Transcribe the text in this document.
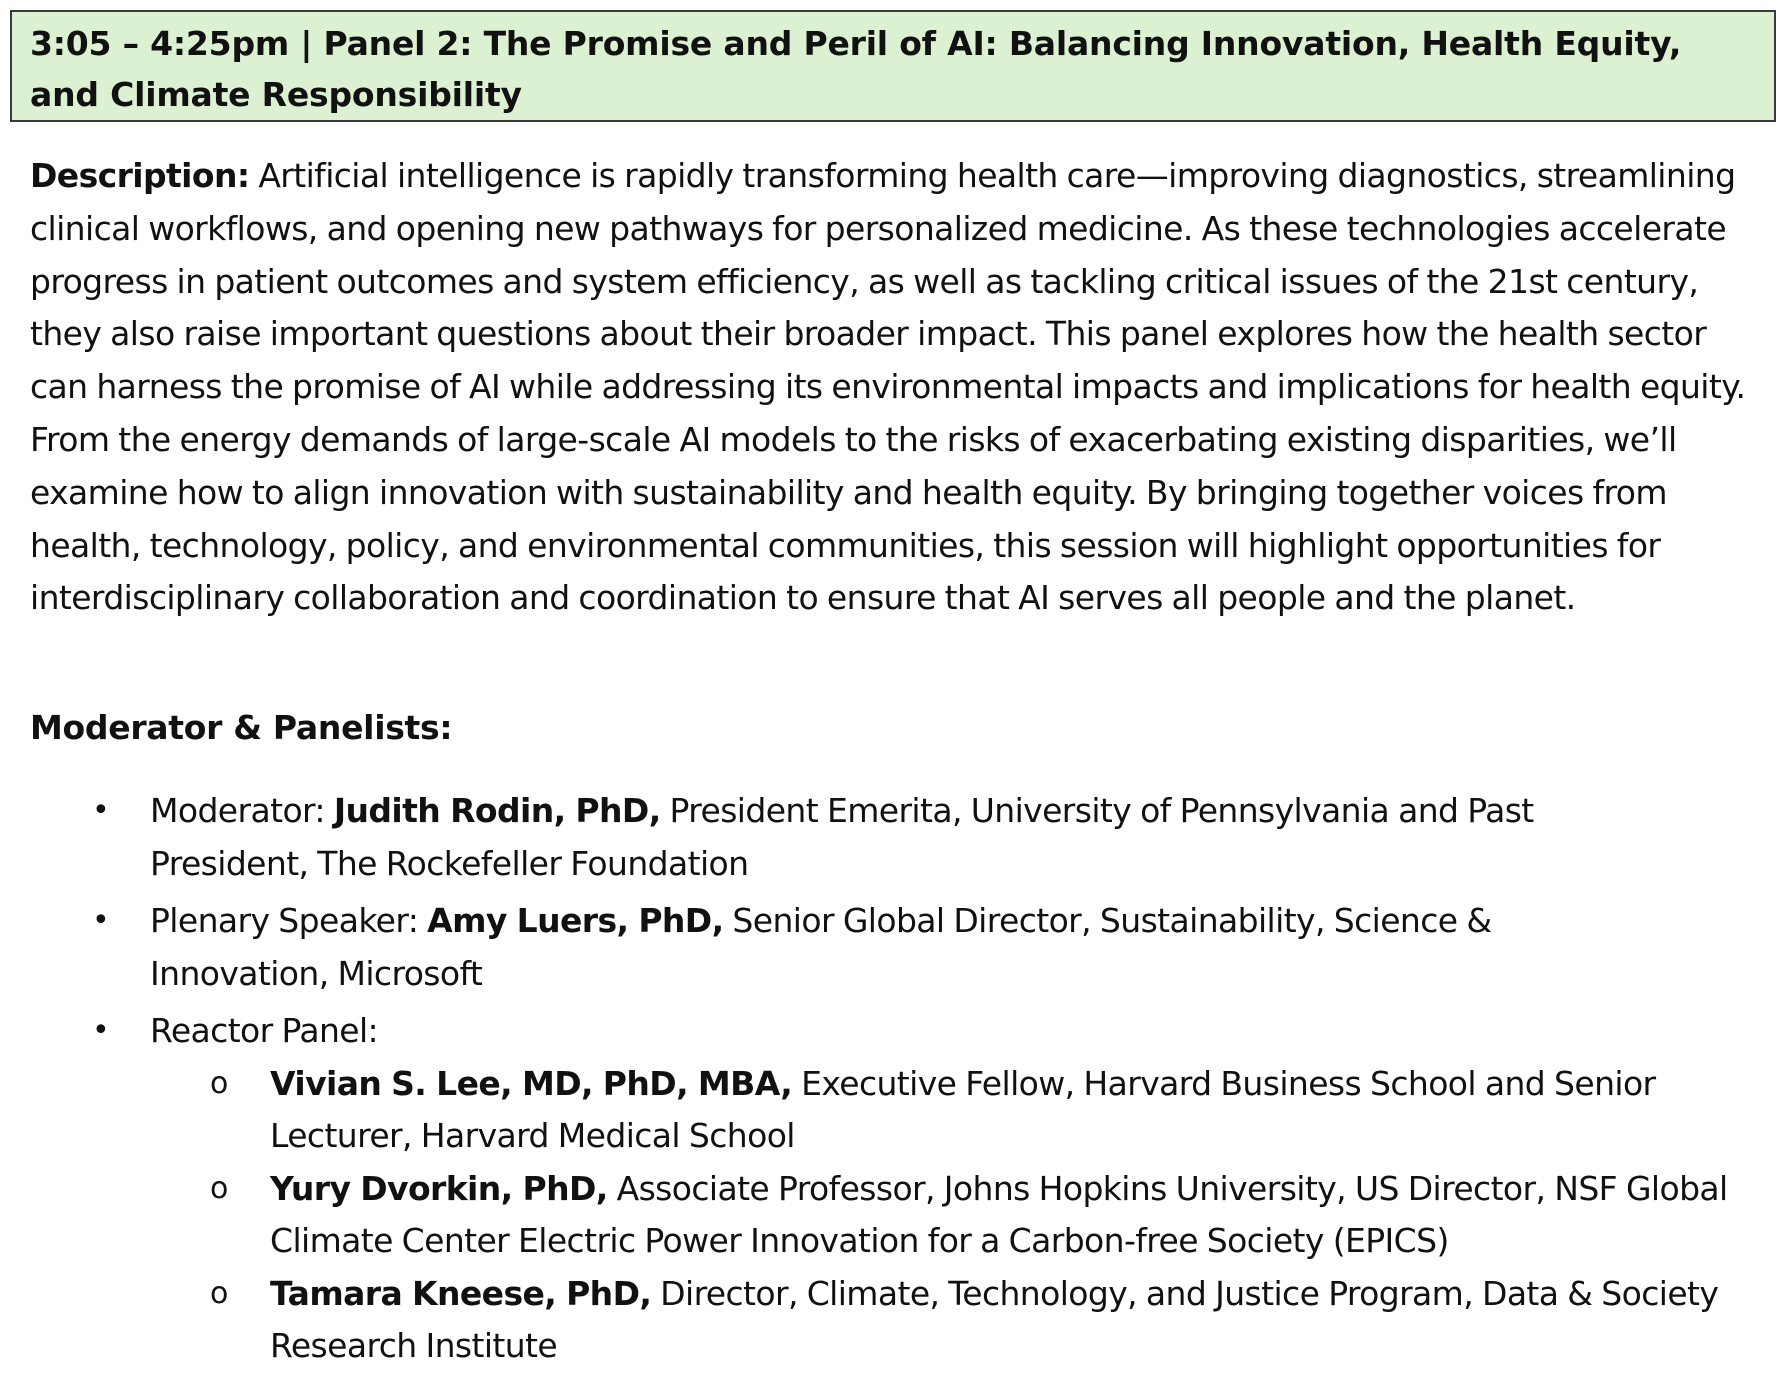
3:05 – 4:25pm | Panel 2: The Promise and Peril of AI: Balancing Innovation, Health Equity, and Climate Responsibility

Description: Artificial intelligence is rapidly transforming health care—improving diagnostics, streamlining clinical workflows, and opening new pathways for personalized medicine. As these technologies accelerate progress in patient outcomes and system efficiency, as well as tackling critical issues of the 21st century, they also raise important questions about their broader impact. This panel explores how the health sector can harness the promise of AI while addressing its environmental impacts and implications for health equity. From the energy demands of large-scale AI models to the risks of exacerbating existing disparities, we’ll examine how to align innovation with sustainability and health equity. By bringing together voices from health, technology, policy, and environmental communities, this session will highlight opportunities for interdisciplinary collaboration and coordination to ensure that AI serves all people and the planet.

Moderator & Panelists:
• Moderator: Judith Rodin, PhD, President Emerita, University of Pennsylvania and Past President, The Rockefeller Foundation
• Plenary Speaker: Amy Luers, PhD, Senior Global Director, Sustainability, Science & Innovation, Microsoft
• Reactor Panel:
o Vivian S. Lee, MD, PhD, MBA, Executive Fellow, Harvard Business School and Senior Lecturer, Harvard Medical School
o Yury Dvorkin, PhD, Associate Professor, Johns Hopkins University, US Director, NSF Global Climate Center Electric Power Innovation for a Carbon-free Society (EPICS)
o Tamara Kneese, PhD, Director, Climate, Technology, and Justice Program, Data & Society Research Institute
